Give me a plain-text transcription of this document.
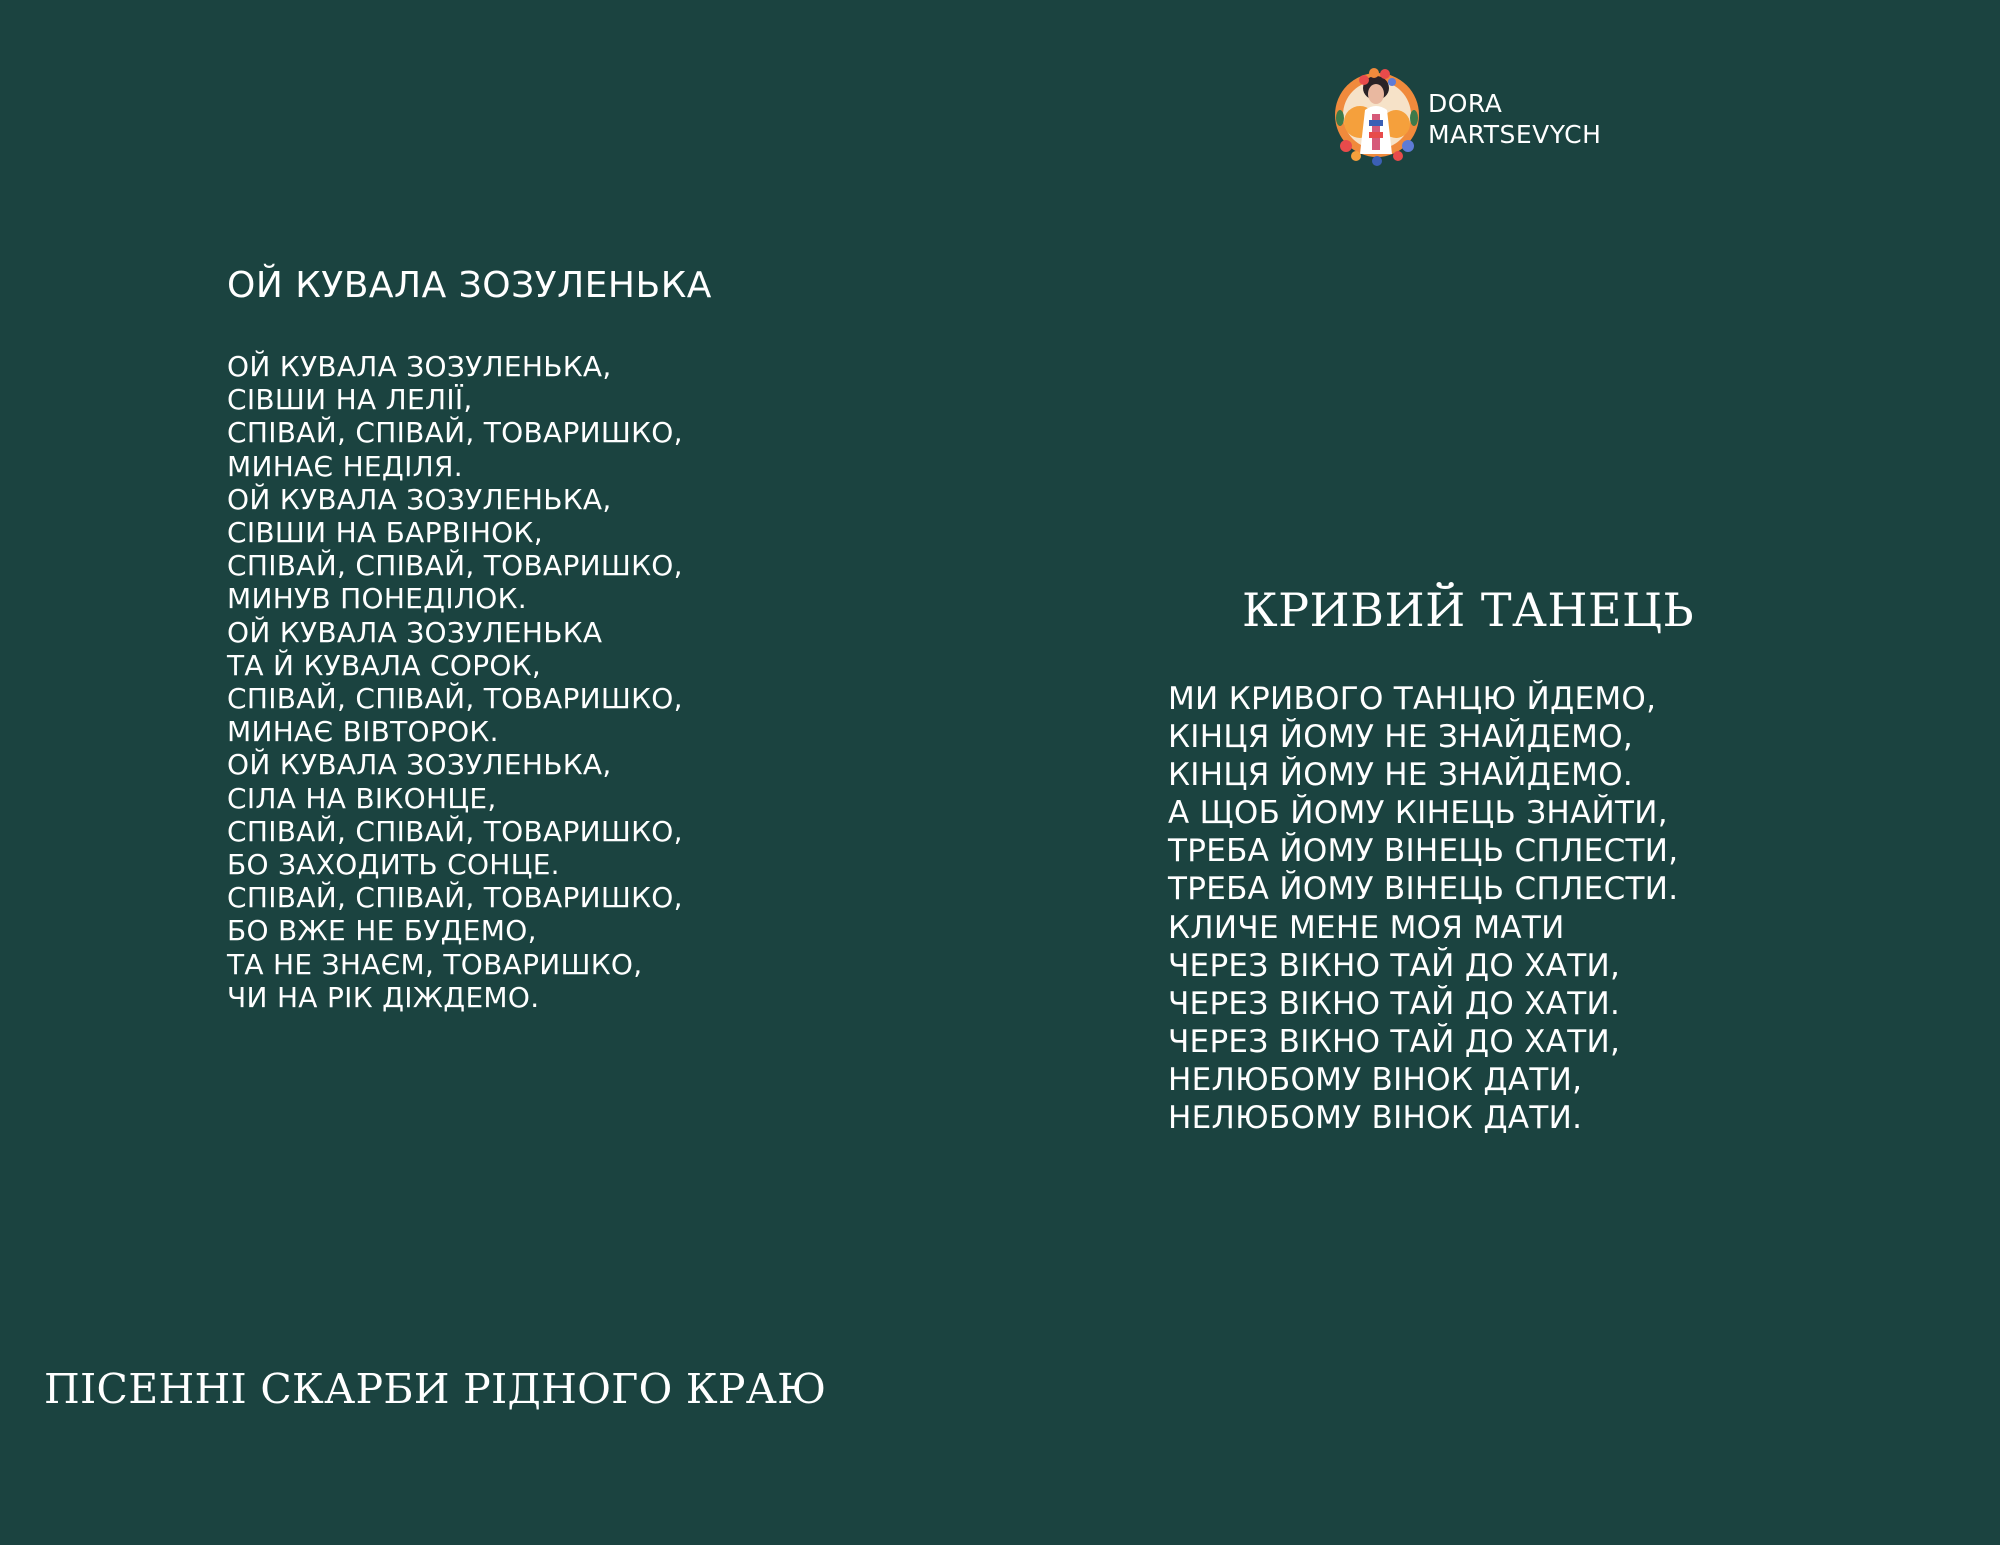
DORA
MARTSEVYCH
ОЙ КУВАЛА ЗОЗУЛЕНЬКА
ОЙ КУВАЛА ЗОЗУЛЕНЬКА,
СІВШИ НА ЛЕЛІЇ,
СПІВАЙ, СПІВАЙ, ТОВАРИШКО,
МИНАЄ НЕДІЛЯ.
ОЙ КУВАЛА ЗОЗУЛЕНЬКА,
СІВШИ НА БАРВІНОК,
СПІВАЙ, СПІВАЙ, ТОВАРИШКО,
МИНУВ ПОНЕДІЛОК.
ОЙ КУВАЛА ЗОЗУЛЕНЬКА
ТА Й КУВАЛА СОРОК,
СПІВАЙ, СПІВАЙ, ТОВАРИШКО,
МИНАЄ ВІВТОРОК.
ОЙ КУВАЛА ЗОЗУЛЕНЬКА,
СІЛА НА ВІКОНЦЕ,
СПІВАЙ, СПІВАЙ, ТОВАРИШКО,
БО ЗАХОДИТЬ СОНЦЕ.
СПІВАЙ, СПІВАЙ, ТОВАРИШКО,
БО ВЖЕ НЕ БУДЕМО,
ТА НЕ ЗНАЄМ, ТОВАРИШКО,
ЧИ НА РІК ДІЖДЕМО.
КРИВИЙ ТАНЕЦЬ
МИ КРИВОГО ТАНЦЮ ЙДЕМО,
КІНЦЯ ЙОМУ НЕ ЗНАЙДЕМО,
КІНЦЯ ЙОМУ НЕ ЗНАЙДЕМО.
А ЩОБ ЙОМУ КІНЕЦЬ ЗНАЙТИ,
ТРЕБА ЙОМУ ВІНЕЦЬ СПЛЕСТИ,
ТРЕБА ЙОМУ ВІНЕЦЬ СПЛЕСТИ.
КЛИЧЕ МЕНЕ МОЯ МАТИ
ЧЕРЕЗ ВІКНО ТАЙ ДО ХАТИ,
ЧЕРЕЗ ВІКНО ТАЙ ДО ХАТИ.
ЧЕРЕЗ ВІКНО ТАЙ ДО ХАТИ,
НЕЛЮБОМУ ВІНОК ДАТИ,
НЕЛЮБОМУ ВІНОК ДАТИ.
ПІСЕННІ СКАРБИ РІДНОГО КРАЮ
